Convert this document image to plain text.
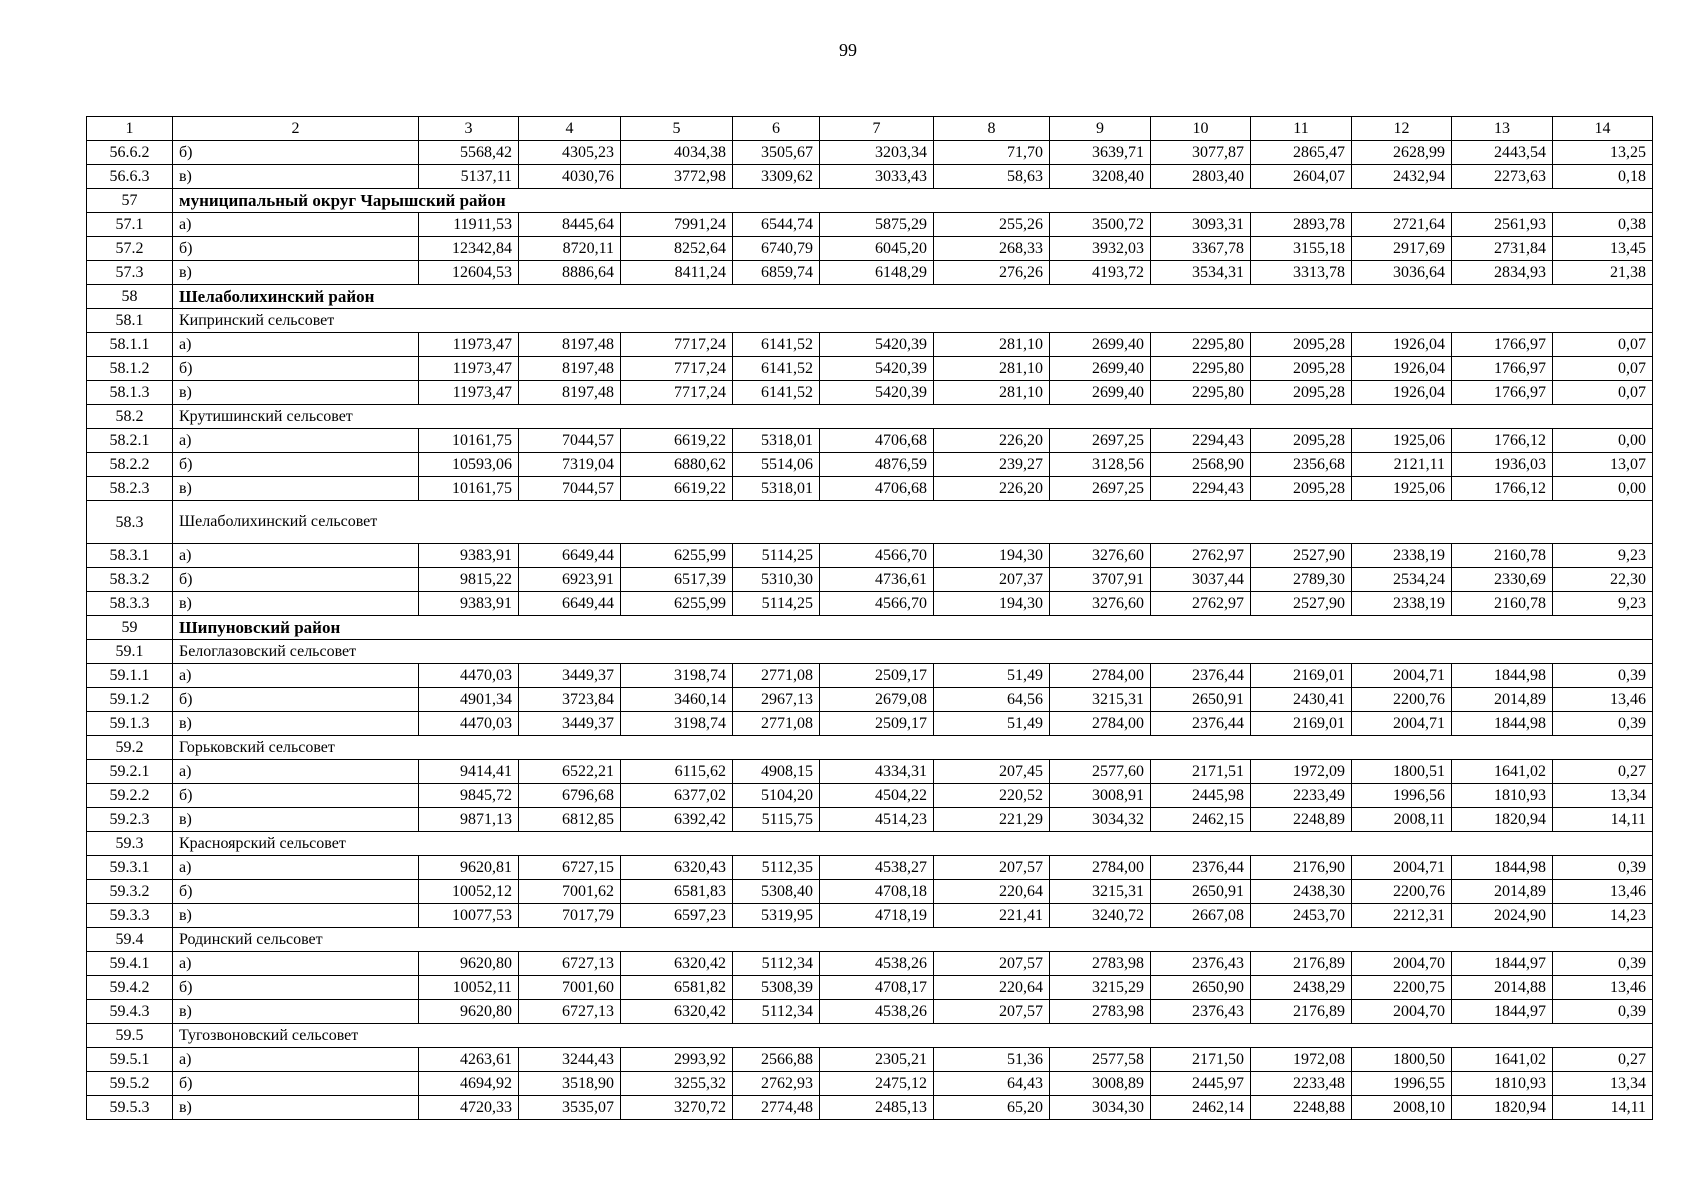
99
1	2	3	4	5	6	7	8	9	10	11	12	13	14
56.6.2	б)	5568,42	4305,23	4034,38	3505,67	3203,34	71,70	3639,71	3077,87	2865,47	2628,99	2443,54	13,25
56.6.3	в)	5137,11	4030,76	3772,98	3309,62	3033,43	58,63	3208,40	2803,40	2604,07	2432,94	2273,63	0,18
57	муниципальный округ Чарышский район												
57.1	а)	11911,53	8445,64	7991,24	6544,74	5875,29	255,26	3500,72	3093,31	2893,78	2721,64	2561,93	0,38
57.2	б)	12342,84	8720,11	8252,64	6740,79	6045,20	268,33	3932,03	3367,78	3155,18	2917,69	2731,84	13,45
57.3	в)	12604,53	8886,64	8411,24	6859,74	6148,29	276,26	4193,72	3534,31	3313,78	3036,64	2834,93	21,38
58	Шелаболихинский район												
58.1	Кипринский сельсовет												
58.1.1	а)	11973,47	8197,48	7717,24	6141,52	5420,39	281,10	2699,40	2295,80	2095,28	1926,04	1766,97	0,07
58.1.2	б)	11973,47	8197,48	7717,24	6141,52	5420,39	281,10	2699,40	2295,80	2095,28	1926,04	1766,97	0,07
58.1.3	в)	11973,47	8197,48	7717,24	6141,52	5420,39	281,10	2699,40	2295,80	2095,28	1926,04	1766,97	0,07
58.2	Крутишинский сельсовет												
58.2.1	а)	10161,75	7044,57	6619,22	5318,01	4706,68	226,20	2697,25	2294,43	2095,28	1925,06	1766,12	0,00
58.2.2	б)	10593,06	7319,04	6880,62	5514,06	4876,59	239,27	3128,56	2568,90	2356,68	2121,11	1936,03	13,07
58.2.3	в)	10161,75	7044,57	6619,22	5318,01	4706,68	226,20	2697,25	2294,43	2095,28	1925,06	1766,12	0,00
58.3	Шелаболихинский сельсовет												
58.3.1	а)	9383,91	6649,44	6255,99	5114,25	4566,70	194,30	3276,60	2762,97	2527,90	2338,19	2160,78	9,23
58.3.2	б)	9815,22	6923,91	6517,39	5310,30	4736,61	207,37	3707,91	3037,44	2789,30	2534,24	2330,69	22,30
58.3.3	в)	9383,91	6649,44	6255,99	5114,25	4566,70	194,30	3276,60	2762,97	2527,90	2338,19	2160,78	9,23
59	Шипуновский район												
59.1	Белоглазовский сельсовет												
59.1.1	а)	4470,03	3449,37	3198,74	2771,08	2509,17	51,49	2784,00	2376,44	2169,01	2004,71	1844,98	0,39
59.1.2	б)	4901,34	3723,84	3460,14	2967,13	2679,08	64,56	3215,31	2650,91	2430,41	2200,76	2014,89	13,46
59.1.3	в)	4470,03	3449,37	3198,74	2771,08	2509,17	51,49	2784,00	2376,44	2169,01	2004,71	1844,98	0,39
59.2	Горьковский сельсовет												
59.2.1	а)	9414,41	6522,21	6115,62	4908,15	4334,31	207,45	2577,60	2171,51	1972,09	1800,51	1641,02	0,27
59.2.2	б)	9845,72	6796,68	6377,02	5104,20	4504,22	220,52	3008,91	2445,98	2233,49	1996,56	1810,93	13,34
59.2.3	в)	9871,13	6812,85	6392,42	5115,75	4514,23	221,29	3034,32	2462,15	2248,89	2008,11	1820,94	14,11
59.3	Красноярский сельсовет												
59.3.1	а)	9620,81	6727,15	6320,43	5112,35	4538,27	207,57	2784,00	2376,44	2176,90	2004,71	1844,98	0,39
59.3.2	б)	10052,12	7001,62	6581,83	5308,40	4708,18	220,64	3215,31	2650,91	2438,30	2200,76	2014,89	13,46
59.3.3	в)	10077,53	7017,79	6597,23	5319,95	4718,19	221,41	3240,72	2667,08	2453,70	2212,31	2024,90	14,23
59.4	Родинский сельсовет												
59.4.1	а)	9620,80	6727,13	6320,42	5112,34	4538,26	207,57	2783,98	2376,43	2176,89	2004,70	1844,97	0,39
59.4.2	б)	10052,11	7001,60	6581,82	5308,39	4708,17	220,64	3215,29	2650,90	2438,29	2200,75	2014,88	13,46
59.4.3	в)	9620,80	6727,13	6320,42	5112,34	4538,26	207,57	2783,98	2376,43	2176,89	2004,70	1844,97	0,39
59.5	Тугозвоновский сельсовет												
59.5.1	а)	4263,61	3244,43	2993,92	2566,88	2305,21	51,36	2577,58	2171,50	1972,08	1800,50	1641,02	0,27
59.5.2	б)	4694,92	3518,90	3255,32	2762,93	2475,12	64,43	3008,89	2445,97	2233,48	1996,55	1810,93	13,34
59.5.3	в)	4720,33	3535,07	3270,72	2774,48	2485,13	65,20	3034,30	2462,14	2248,88	2008,10	1820,94	14,11
